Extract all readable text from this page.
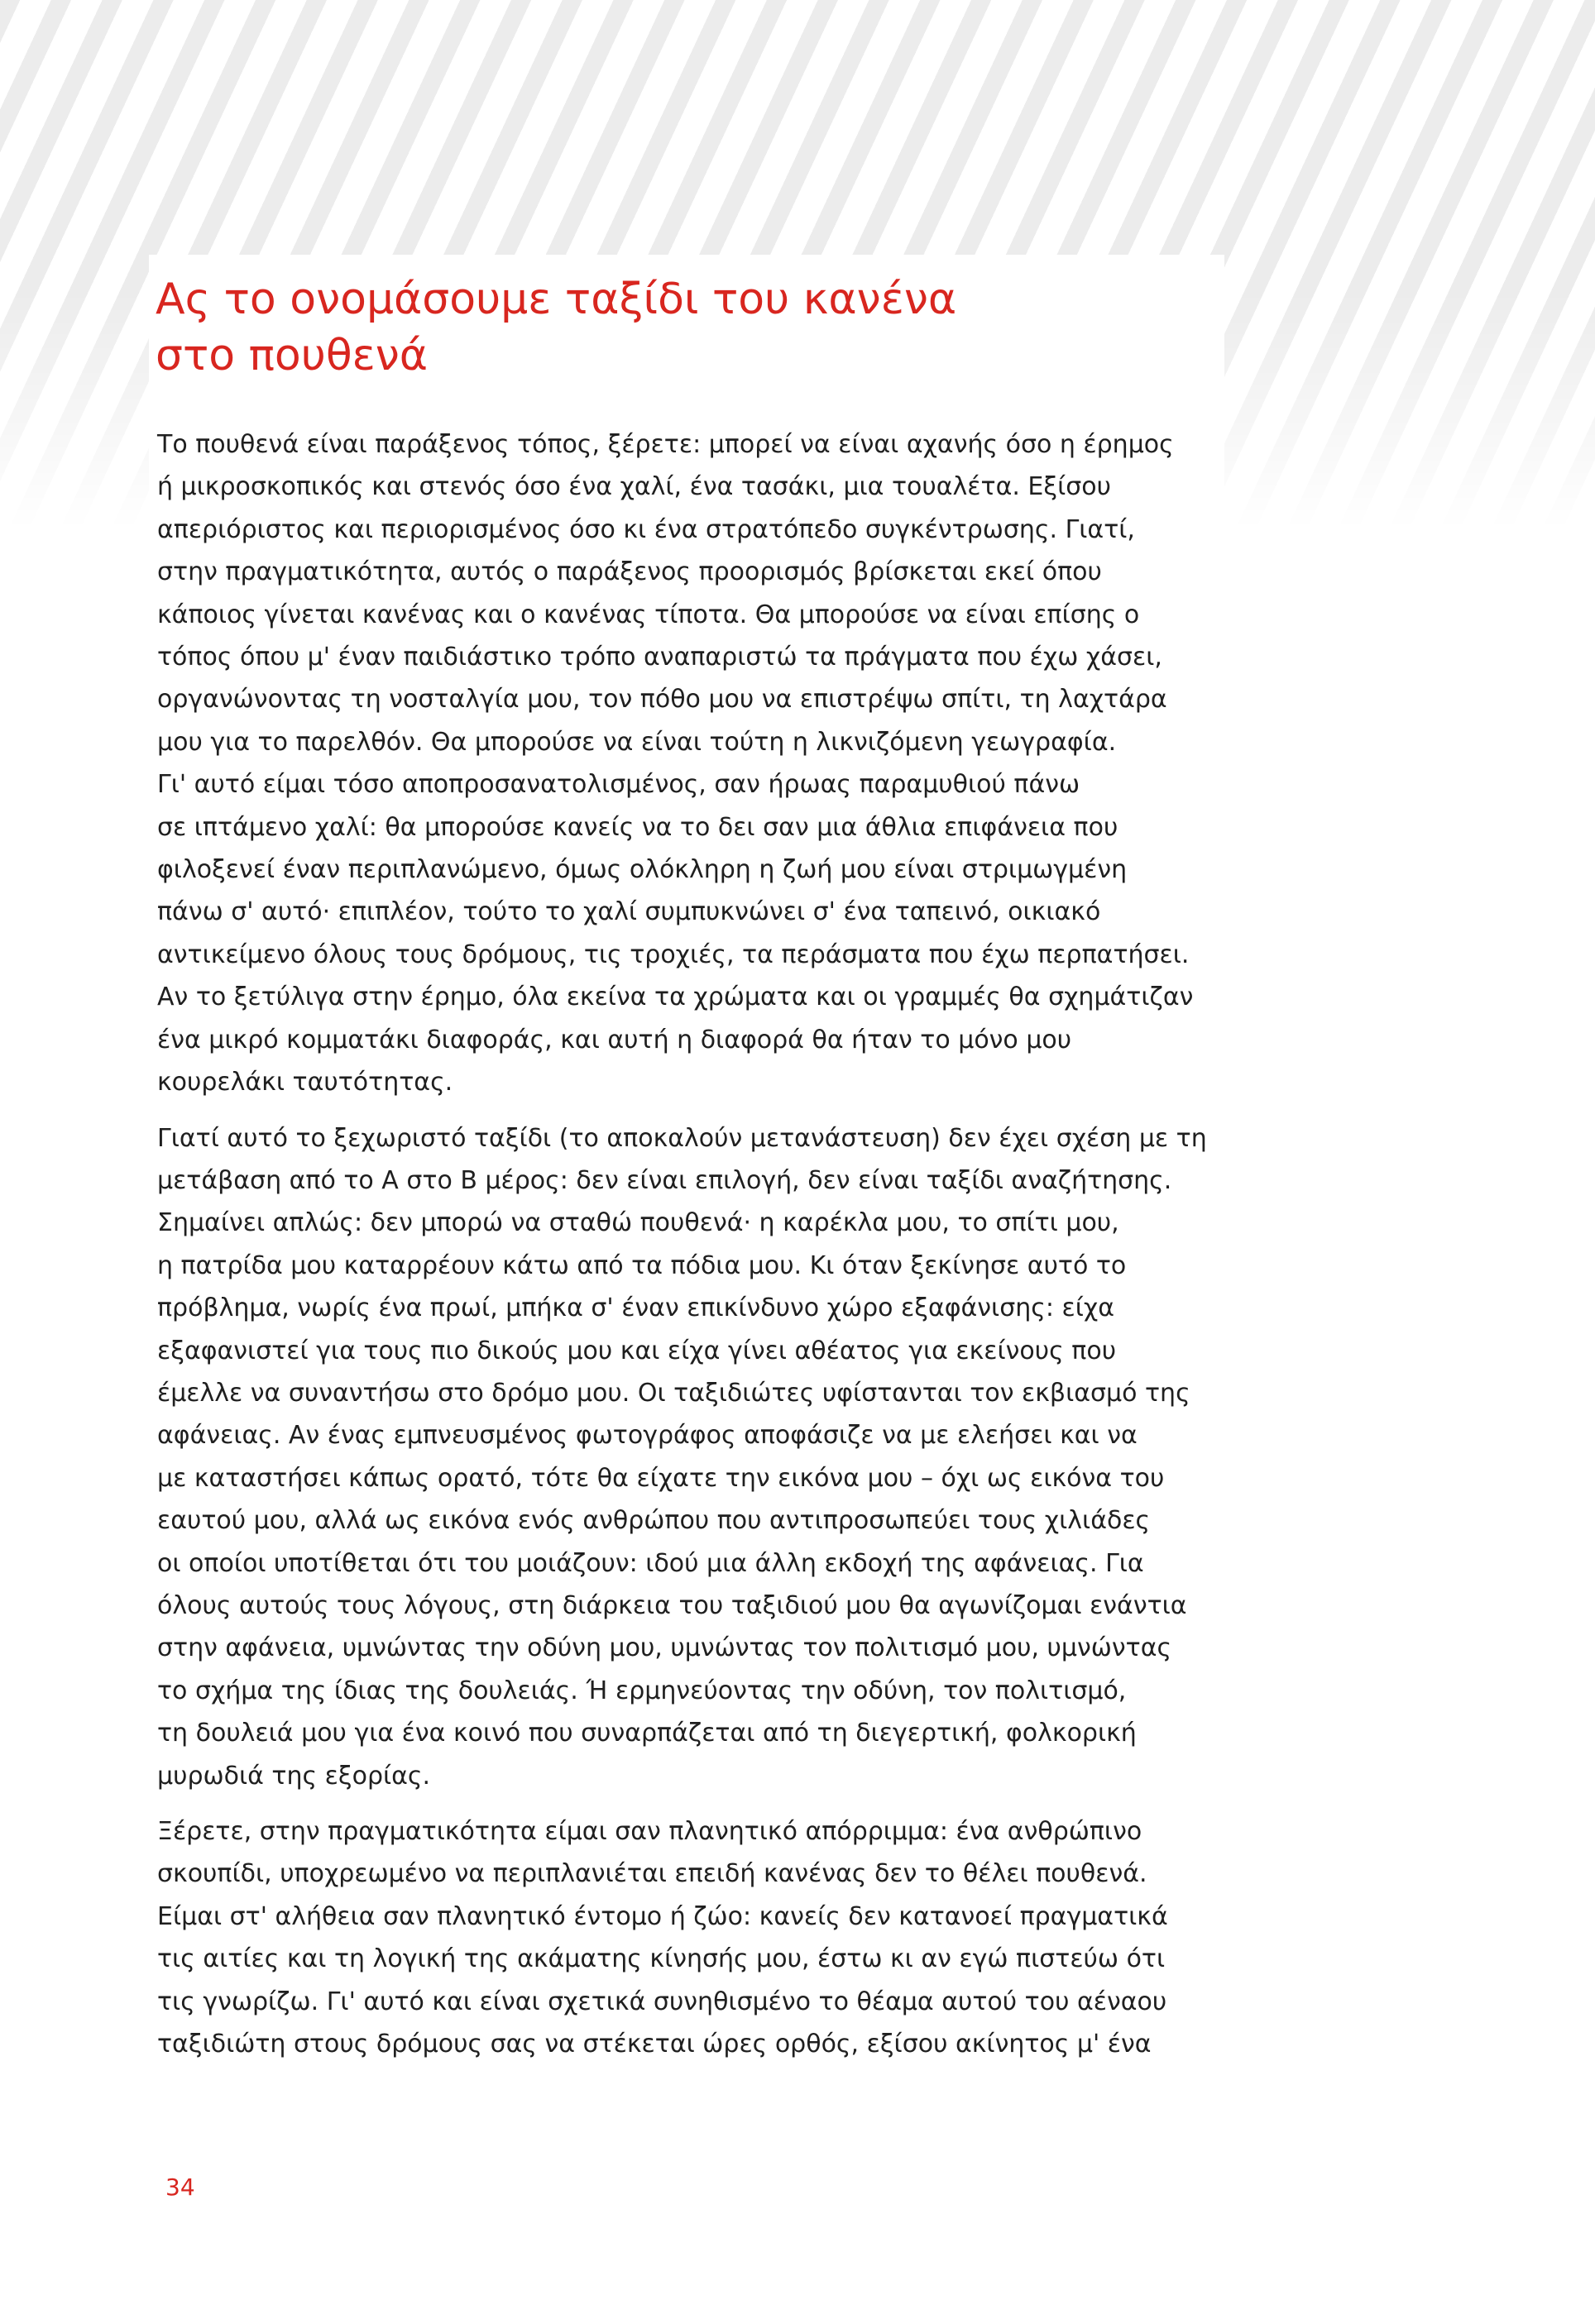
Ας το ονομάσουμε ταξίδι του κανένα
στο πουθενά

Το πουθενά είναι παράξενος τόπος, ξέρετε: μπορεί να είναι αχανής όσο η έρημος
ή μικροσκοπικός και στενός όσο ένα χαλί, ένα τασάκι, μια τουαλέτα. Εξίσου
απεριόριστος και περιορισμένος όσο κι ένα στρατόπεδο συγκέντρωσης. Γιατί,
στην πραγματικότητα, αυτός ο παράξενος προορισμός βρίσκεται εκεί όπου
κάποιος γίνεται κανένας και ο κανένας τίποτα. Θα μπορούσε να είναι επίσης ο
τόπος όπου μ' έναν παιδιάστικο τρόπο αναπαριστώ τα πράγματα που έχω χάσει,
οργανώνοντας τη νοσταλγία μου, τον πόθο μου να επιστρέψω σπίτι, τη λαχτάρα
μου για το παρελθόν. Θα μπορούσε να είναι τούτη η λικνιζόμενη γεωγραφία.
Γι' αυτό είμαι τόσο αποπροσανατολισμένος, σαν ήρωας παραμυθιού πάνω
σε ιπτάμενο χαλί: θα μπορούσε κανείς να το δει σαν μια άθλια επιφάνεια που
φιλοξενεί έναν περιπλανώμενο, όμως ολόκληρη η ζωή μου είναι στριμωγμένη
πάνω σ' αυτό· επιπλέον, τούτο το χαλί συμπυκνώνει σ' ένα ταπεινό, οικιακό
αντικείμενο όλους τους δρόμους, τις τροχιές, τα περάσματα που έχω περπατήσει.
Αν το ξετύλιγα στην έρημο, όλα εκείνα τα χρώματα και οι γραμμές θα σχημάτιζαν
ένα μικρό κομματάκι διαφοράς, και αυτή η διαφορά θα ήταν το μόνο μου
κουρελάκι ταυτότητας.

Γιατί αυτό το ξεχωριστό ταξίδι (το αποκαλούν μετανάστευση) δεν έχει σχέση με τη
μετάβαση από το Α στο Β μέρος: δεν είναι επιλογή, δεν είναι ταξίδι αναζήτησης.
Σημαίνει απλώς: δεν μπορώ να σταθώ πουθενά· η καρέκλα μου, το σπίτι μου,
η πατρίδα μου καταρρέουν κάτω από τα πόδια μου. Κι όταν ξεκίνησε αυτό το
πρόβλημα, νωρίς ένα πρωί, μπήκα σ' έναν επικίνδυνο χώρο εξαφάνισης: είχα
εξαφανιστεί για τους πιο δικούς μου και είχα γίνει αθέατος για εκείνους που
έμελλε να συναντήσω στο δρόμο μου. Οι ταξιδιώτες υφίστανται τον εκβιασμό της
αφάνειας. Αν ένας εμπνευσμένος φωτογράφος αποφάσιζε να με ελεήσει και να
με καταστήσει κάπως ορατό, τότε θα είχατε την εικόνα μου – όχι ως εικόνα του
εαυτού μου, αλλά ως εικόνα ενός ανθρώπου που αντιπροσωπεύει τους χιλιάδες
οι οποίοι υποτίθεται ότι του μοιάζουν: ιδού μια άλλη εκδοχή της αφάνειας. Για
όλους αυτούς τους λόγους, στη διάρκεια του ταξιδιού μου θα αγωνίζομαι ενάντια
στην αφάνεια, υμνώντας την οδύνη μου, υμνώντας τον πολιτισμό μου, υμνώντας
το σχήμα της ίδιας της δουλειάς. Ή ερμηνεύοντας την οδύνη, τον πολιτισμό,
τη δουλειά μου για ένα κοινό που συναρπάζεται από τη διεγερτική, φολκορική
μυρωδιά της εξορίας.

Ξέρετε, στην πραγματικότητα είμαι σαν πλανητικό απόρριμμα: ένα ανθρώπινο
σκουπίδι, υποχρεωμένο να περιπλανιέται επειδή κανένας δεν το θέλει πουθενά.
Είμαι στ' αλήθεια σαν πλανητικό έντομο ή ζώο: κανείς δεν κατανοεί πραγματικά
τις αιτίες και τη λογική της ακάματης κίνησής μου, έστω κι αν εγώ πιστεύω ότι
τις γνωρίζω. Γι' αυτό και είναι σχετικά συνηθισμένο το θέαμα αυτού του αέναου
ταξιδιώτη στους δρόμους σας να στέκεται ώρες ορθός, εξίσου ακίνητος μ' ένα

34
